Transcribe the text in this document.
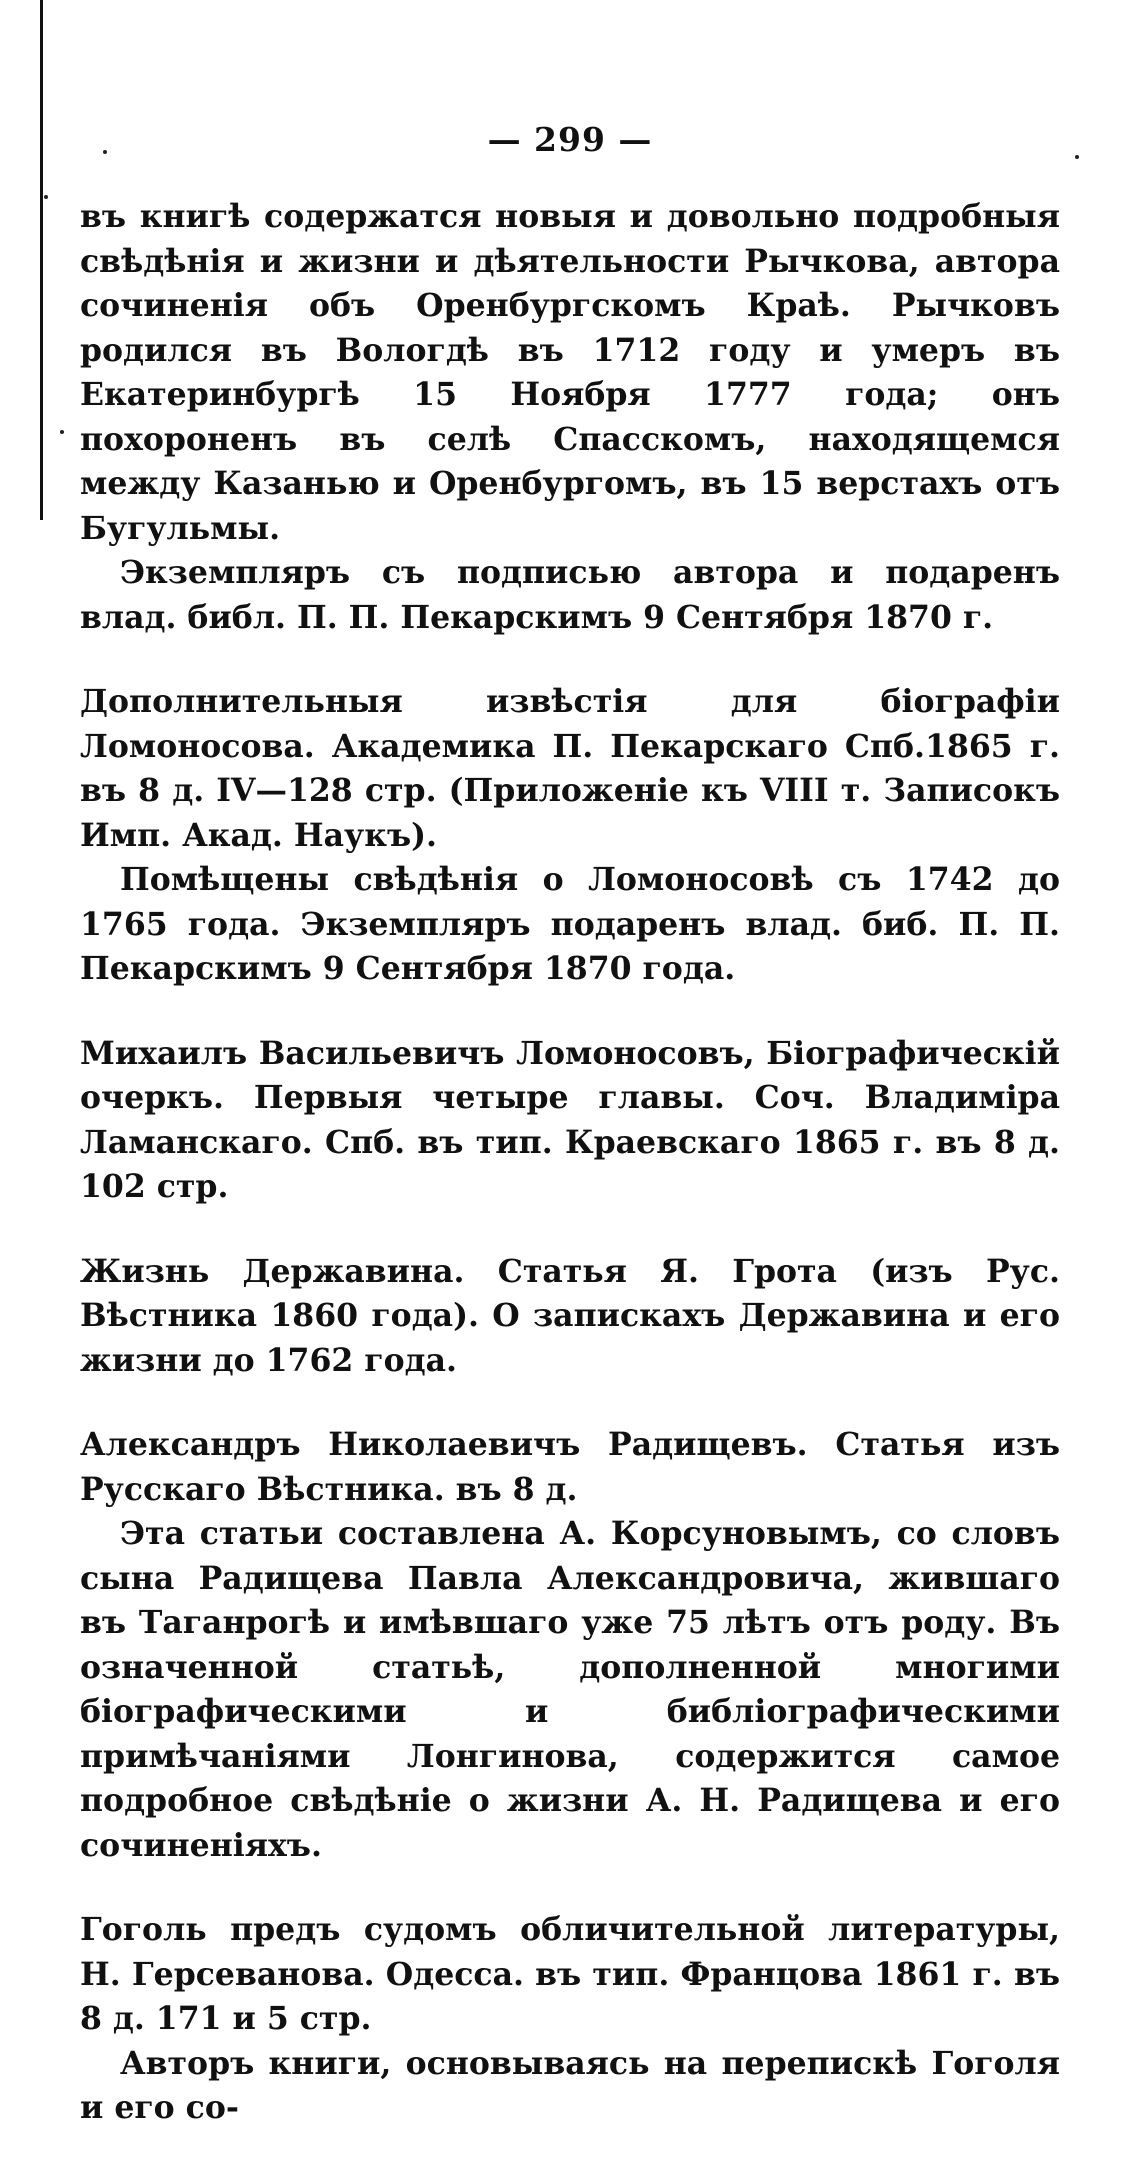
— 299 —

въ книгѣ содержатся новыя и довольно подробныя свѣдѣнія и жизни и дѣятельности Рычкова, автора сочиненія объ Оренбургскомъ Краѣ. Рычковъ родился въ Вологдѣ въ 1712 году и умеръ въ Екатеринбургѣ 15 Ноября 1777 года; онъ похороненъ въ селѣ Спасскомъ, находящемся между Казанью и Оренбургомъ, въ 15 верстахъ отъ Бугульмы.

Экземпляръ съ подписью автора и подаренъ влад. библ. П. П. Пекарскимъ 9 Сентября 1870 г.

Дополнительныя извѣстія для біографіи Ломоносова. Академика П. Пекарскаго Спб.1865 г. въ 8 д. IV—128 стр. (Приложеніе къ VIII т. Записокъ Имп. Акад. Наукъ).

Помѣщены свѣдѣнія о Ломоносовѣ съ 1742 до 1765 года. Экземпляръ подаренъ влад. биб. П. П. Пекарскимъ 9 Сентября 1870 года.

Михаилъ Васильевичъ Ломоносовъ, Біографическій очеркъ. Первыя четыре главы. Соч. Владиміра Ламанскаго. Спб. въ тип. Краевскаго 1865 г. въ 8 д. 102 стр.

Жизнь Державина. Статья Я. Грота (изъ Рус. Вѣстника 1860 года). О запискахъ Державина и его жизни до 1762 года.

Александръ Николаевичъ Радищевъ. Статья изъ Русскаго Вѣстника. въ 8 д.

Эта статьи составлена А. Корсуновымъ, со словъ сына Радищева Павла Александровича, жившаго въ Таганрогѣ и имѣвшаго уже 75 лѣтъ отъ роду. Въ означенной статьѣ, дополненной многими біографическими и библіографическими примѣчаніями Лонгинова, содержится самое подробное свѣдѣніе о жизни А. Н. Радищева и его сочиненіяхъ.

Гоголь предъ судомъ обличительной литературы, Н. Герсеванова. Одесса. въ тип. Францова 1861 г. въ 8 д. 171 и 5 стр.

Авторъ книги, основываясь на перепискѣ Гоголя и его со-
